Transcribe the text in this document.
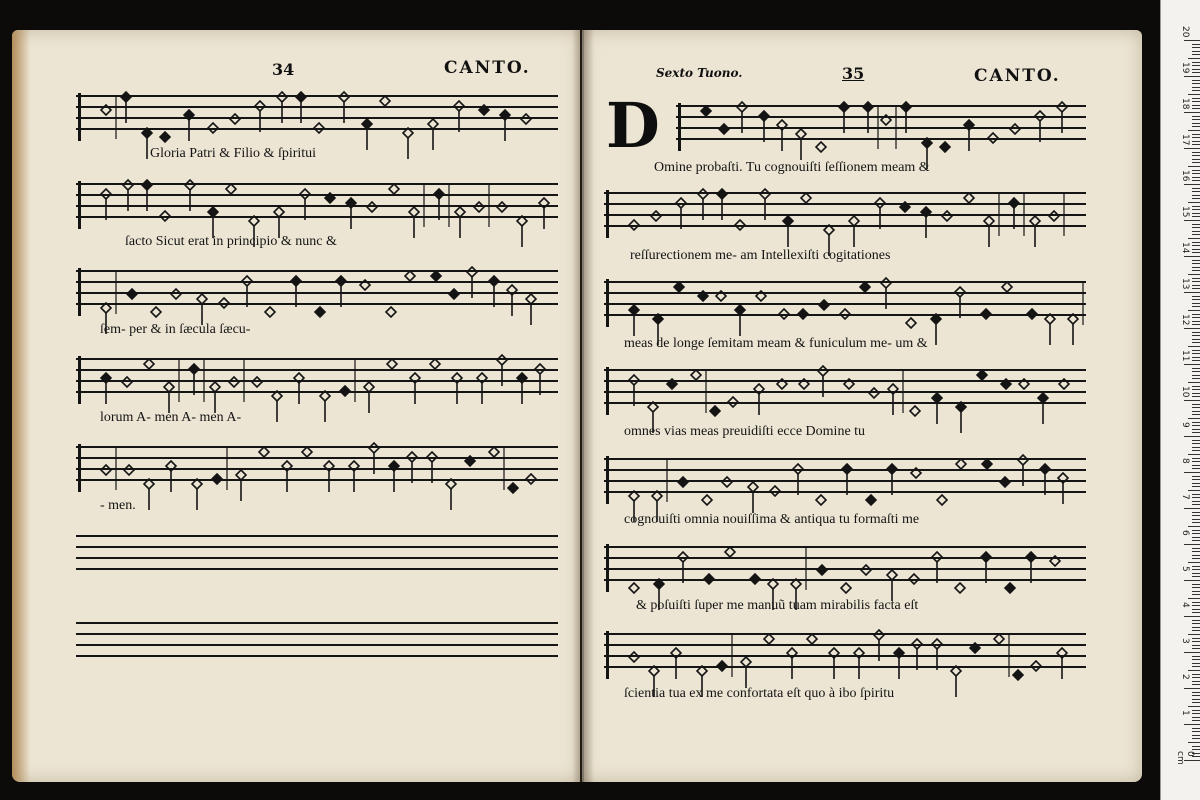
34	CANTO.	Sexto Tuono.	35	CANTO.
D
Gloria Patri & Filio & ſpiritui
ſacto Sicut erat in principio & nunc &
ſem- per & in ſæcula ſæcu-
lorum A- men A- men A-
- men.
Omine probaſti. Tu cognouiſti ſeſſionem meam &
reſſurectionem me- am Intellexiſti cogitationes
meas de longe ſemitam meam & funiculum me- um &
omnes vias meas preuidiſti ecce Domine tu
cognouiſti omnia nouiſſima & antiqua tu formaſti me
& poſuiſti ſuper me manuũ tuam mirabilis facta eſt
ſcientia tua ex me confortata eſt quo à ibo ſpiritu
0 cm
1
2
3
4
5
6
7
8
9
10
11
12
13
14
15
16
17
18
19
20
